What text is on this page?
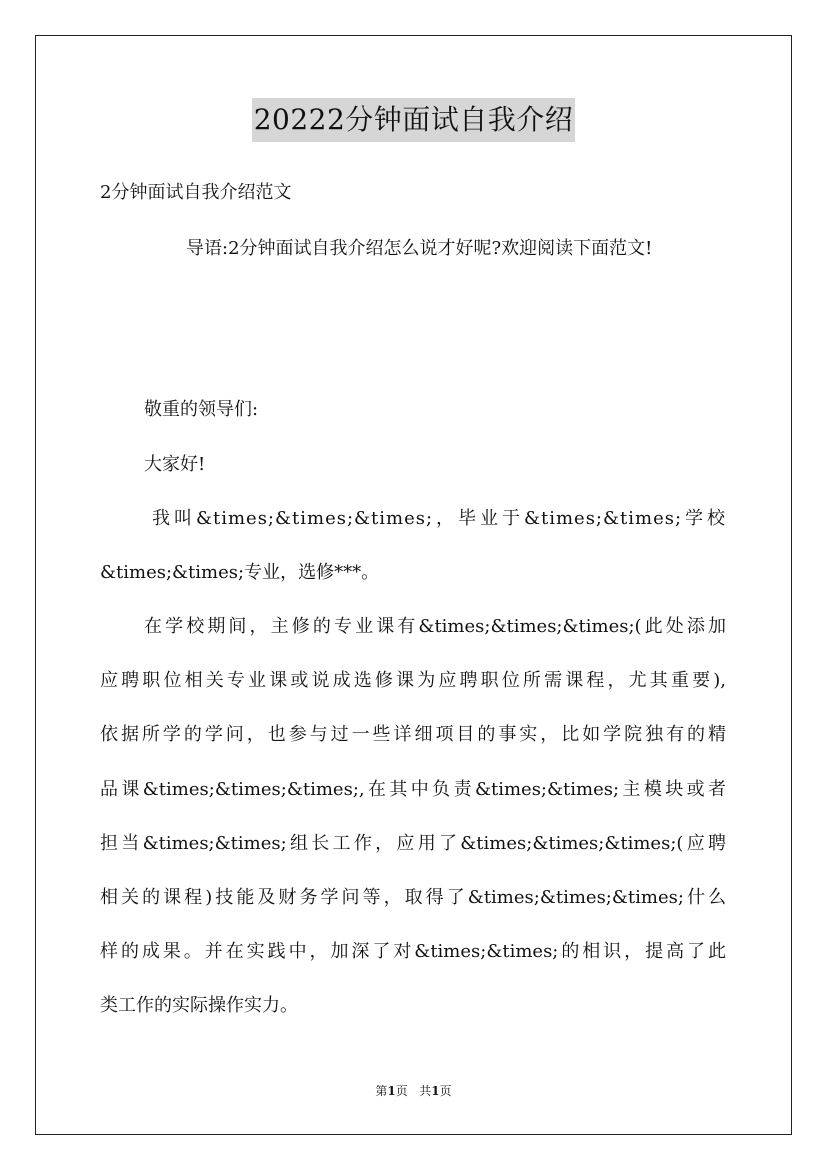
20222分钟面试自我介绍
2分钟面试自我介绍范文
导语:2分钟面试自我介绍怎么说才好呢?欢迎阅读下面范文!
敬重的领导们:
大家好!
我叫&times;&times;&times;，毕业于&times;&times;学校
&times;&times;专业，选修***。
在学校期间，主修的专业课有&times;&times;&times;(此处添加
应聘职位相关专业课或说成选修课为应聘职位所需课程，尤其重要),
依据所学的学问，也参与过一些详细项目的事实，比如学院独有的精
品课&times;&times;&times;,在其中负责&times;&times;主模块或者
担当&times;&times;组长工作，应用了&times;&times;&times;(应聘
相关的课程)技能及财务学问等，取得了&times;&times;&times;什么
样的成果。并在实践中，加深了对&times;&times;的相识，提高了此
类工作的实际操作实力。
第1页 共1页
